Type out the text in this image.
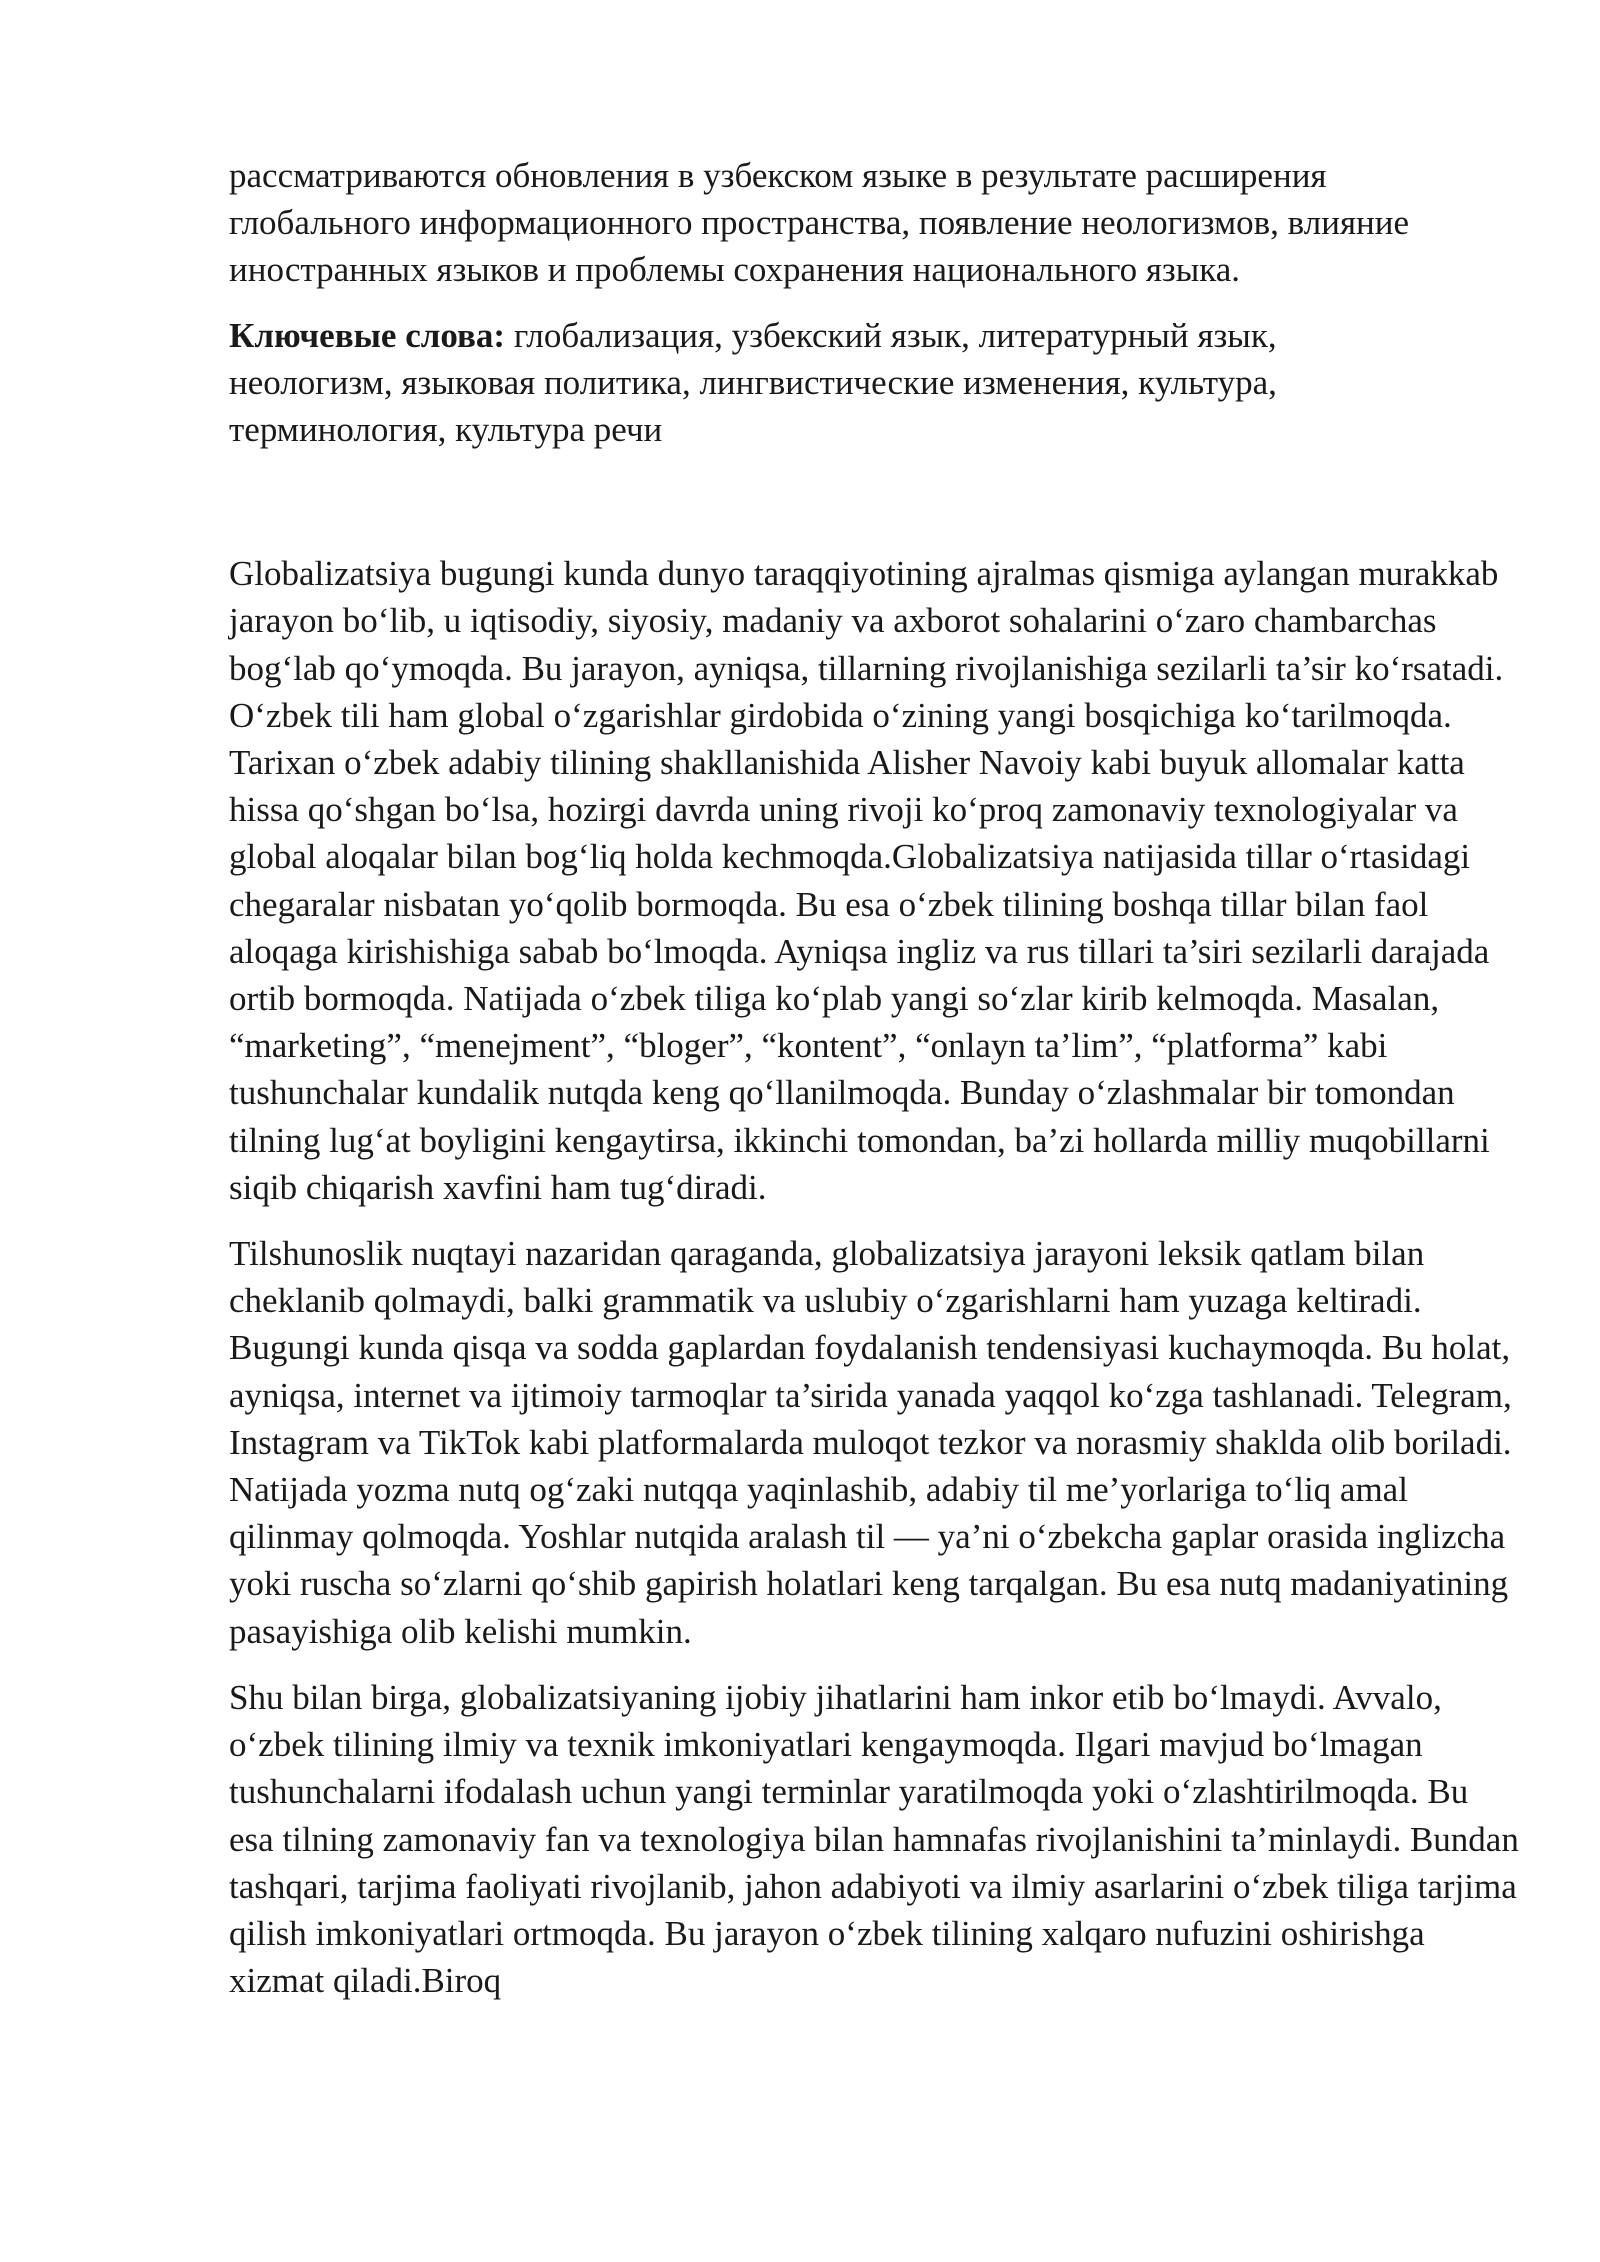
рассматриваются обновления в узбекском языке в результате расширения глобального информационного пространства, появление неологизмов, влияние иностранных языков и проблемы сохранения национального языка.

Ключевые слова: глобализация, узбекский язык, литературный язык, неологизм, языковая политика, лингвистические изменения, культура, терминология, культура речи

Globalizatsiya bugungi kunda dunyo taraqqiyotining ajralmas qismiga aylangan murakkab jarayon bo‘lib, u iqtisodiy, siyosiy, madaniy va axborot sohalarini o‘zaro chambarchas bog‘lab qo‘ymoqda. Bu jarayon, ayniqsa, tillarning rivojlanishiga sezilarli ta’sir ko‘rsatadi. O‘zbek tili ham global o‘zgarishlar girdobida o‘zining yangi bosqichiga ko‘tarilmoqda. Tarixan o‘zbek adabiy tilining shakllanishida Alisher Navoiy kabi buyuk allomalar katta hissa qo‘shgan bo‘lsa, hozirgi davrda uning rivoji ko‘proq zamonaviy texnologiyalar va global aloqalar bilan bog‘liq holda kechmoqda.Globalizatsiya natijasida tillar o‘rtasidagi chegaralar nisbatan yo‘qolib bormoqda. Bu esa o‘zbek tilining boshqa tillar bilan faol aloqaga kirishishiga sabab bo‘lmoqda. Ayniqsa ingliz va rus tillari ta’siri sezilarli darajada ortib bormoqda. Natijada o‘zbek tiliga ko‘plab yangi so‘zlar kirib kelmoqda. Masalan, “marketing”, “menejment”, “bloger”, “kontent”, “onlayn ta’lim”, “platforma” kabi tushunchalar kundalik nutqda keng qo‘llanilmoqda. Bunday o‘zlashmalar bir tomondan tilning lug‘at boyligini kengaytirsa, ikkinchi tomondan, ba’zi hollarda milliy muqobillarni siqib chiqarish xavfini ham tug‘diradi.

Tilshunoslik nuqtayi nazaridan qaraganda, globalizatsiya jarayoni leksik qatlam bilan cheklanib qolmaydi, balki grammatik va uslubiy o‘zgarishlarni ham yuzaga keltiradi. Bugungi kunda qisqa va sodda gaplardan foydalanish tendensiyasi kuchaymoqda. Bu holat, ayniqsa, internet va ijtimoiy tarmoqlar ta’sirida yanada yaqqol ko‘zga tashlanadi. Telegram, Instagram va TikTok kabi platformalarda muloqot tezkor va norasmiy shaklda olib boriladi. Natijada yozma nutq og‘zaki nutqqa yaqinlashib, adabiy til me’yorlariga to‘liq amal qilinmay qolmoqda. Yoshlar nutqida aralash til — ya’ni o‘zbekcha gaplar orasida inglizcha yoki ruscha so‘zlarni qo‘shib gapirish holatlari keng tarqalgan. Bu esa nutq madaniyatining pasayishiga olib kelishi mumkin.

Shu bilan birga, globalizatsiyaning ijobiy jihatlarini ham inkor etib bo‘lmaydi. Avvalo, o‘zbek tilining ilmiy va texnik imkoniyatlari kengaymoqda. Ilgari mavjud bo‘lmagan tushunchalarni ifodalash uchun yangi terminlar yaratilmoqda yoki o‘zlashtirilmoqda. Bu esa tilning zamonaviy fan va texnologiya bilan hamnafas rivojlanishini ta’minlaydi. Bundan tashqari, tarjima faoliyati rivojlanib, jahon adabiyoti va ilmiy asarlarini o‘zbek tiliga tarjima qilish imkoniyatlari ortmoqda. Bu jarayon o‘zbek tilining xalqaro nufuzini oshirishga xizmat qiladi.Biroq
